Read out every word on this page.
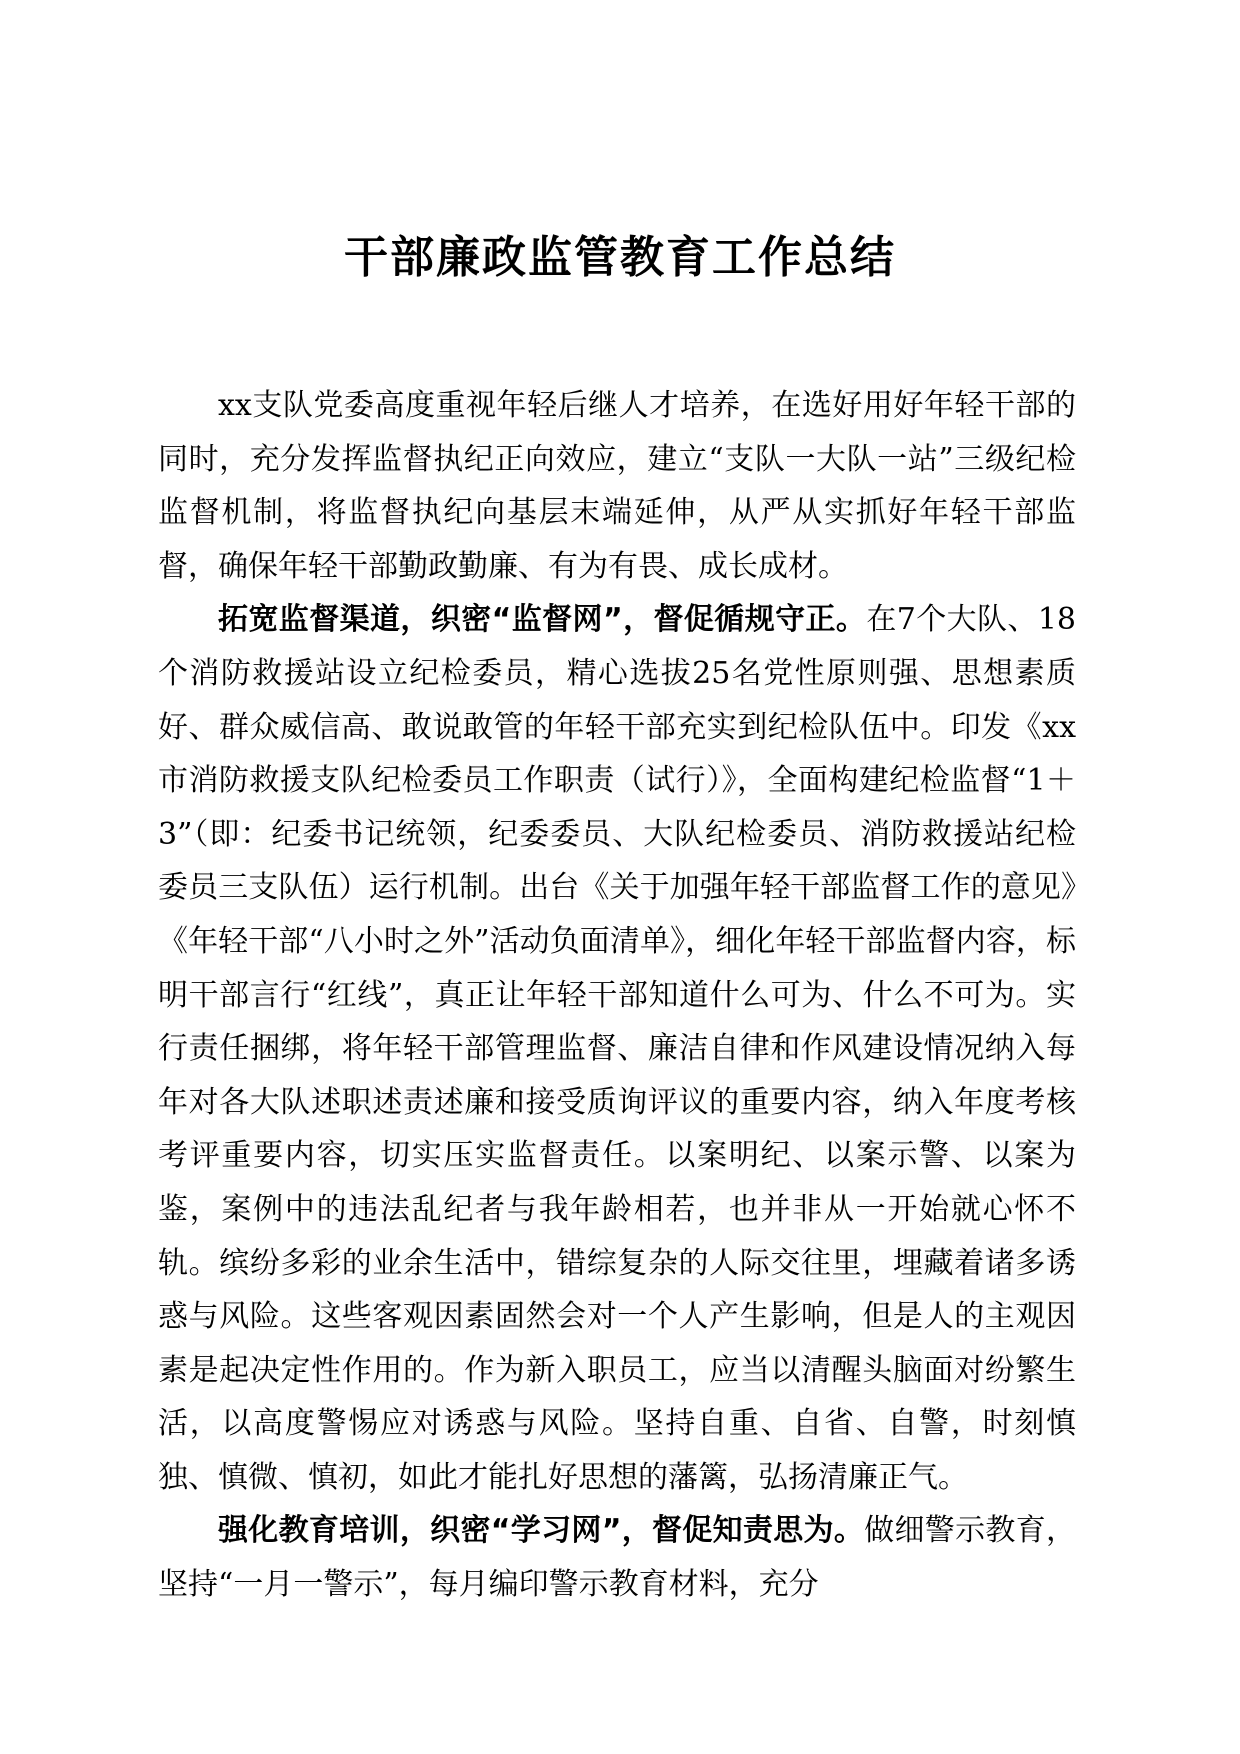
干部廉政监管教育工作总结

xx支队党委高度重视年轻后继人才培养，在选好用好年轻干部的同时，充分发挥监督执纪正向效应，建立“支队一大队一站”三级纪检监督机制，将监督执纪向基层末端延伸，从严从实抓好年轻干部监督，确保年轻干部勤政勤廉、有为有畏、成长成材。

拓宽监督渠道，织密“监督网”，督促循规守正。在7个大队、18个消防救援站设立纪检委员，精心选拔25名党性原则强、思想素质好、群众威信高、敢说敢管的年轻干部充实到纪检队伍中。印发《xx市消防救援支队纪检委员工作职责（试行）》，全面构建纪检监督“1＋3”（即：纪委书记统领，纪委委员、大队纪检委员、消防救援站纪检委员三支队伍）运行机制。出台《关于加强年轻干部监督工作的意见》《年轻干部“八小时之外”活动负面清单》，细化年轻干部监督内容，标明干部言行“红线”，真正让年轻干部知道什么可为、什么不可为。实行责任捆绑，将年轻干部管理监督、廉洁自律和作风建设情况纳入每年对各大队述职述责述廉和接受质询评议的重要内容，纳入年度考核考评重要内容，切实压实监督责任。以案明纪、以案示警、以案为鉴，案例中的违法乱纪者与我年龄相若，也并非从一开始就心怀不轨。缤纷多彩的业余生活中，错综复杂的人际交往里，埋藏着诸多诱惑与风险。这些客观因素固然会对一个人产生影响，但是人的主观因素是起决定性作用的。作为新入职员工，应当以清醒头脑面对纷繁生活，以高度警惕应对诱惑与风险。坚持自重、自省、自警，时刻慎独、慎微、慎初，如此才能扎好思想的藩篱，弘扬清廉正气。

强化教育培训，织密“学习网”，督促知责思为。做细警示教育，坚持“一月一警示”，每月编印警示教育材料，充分
